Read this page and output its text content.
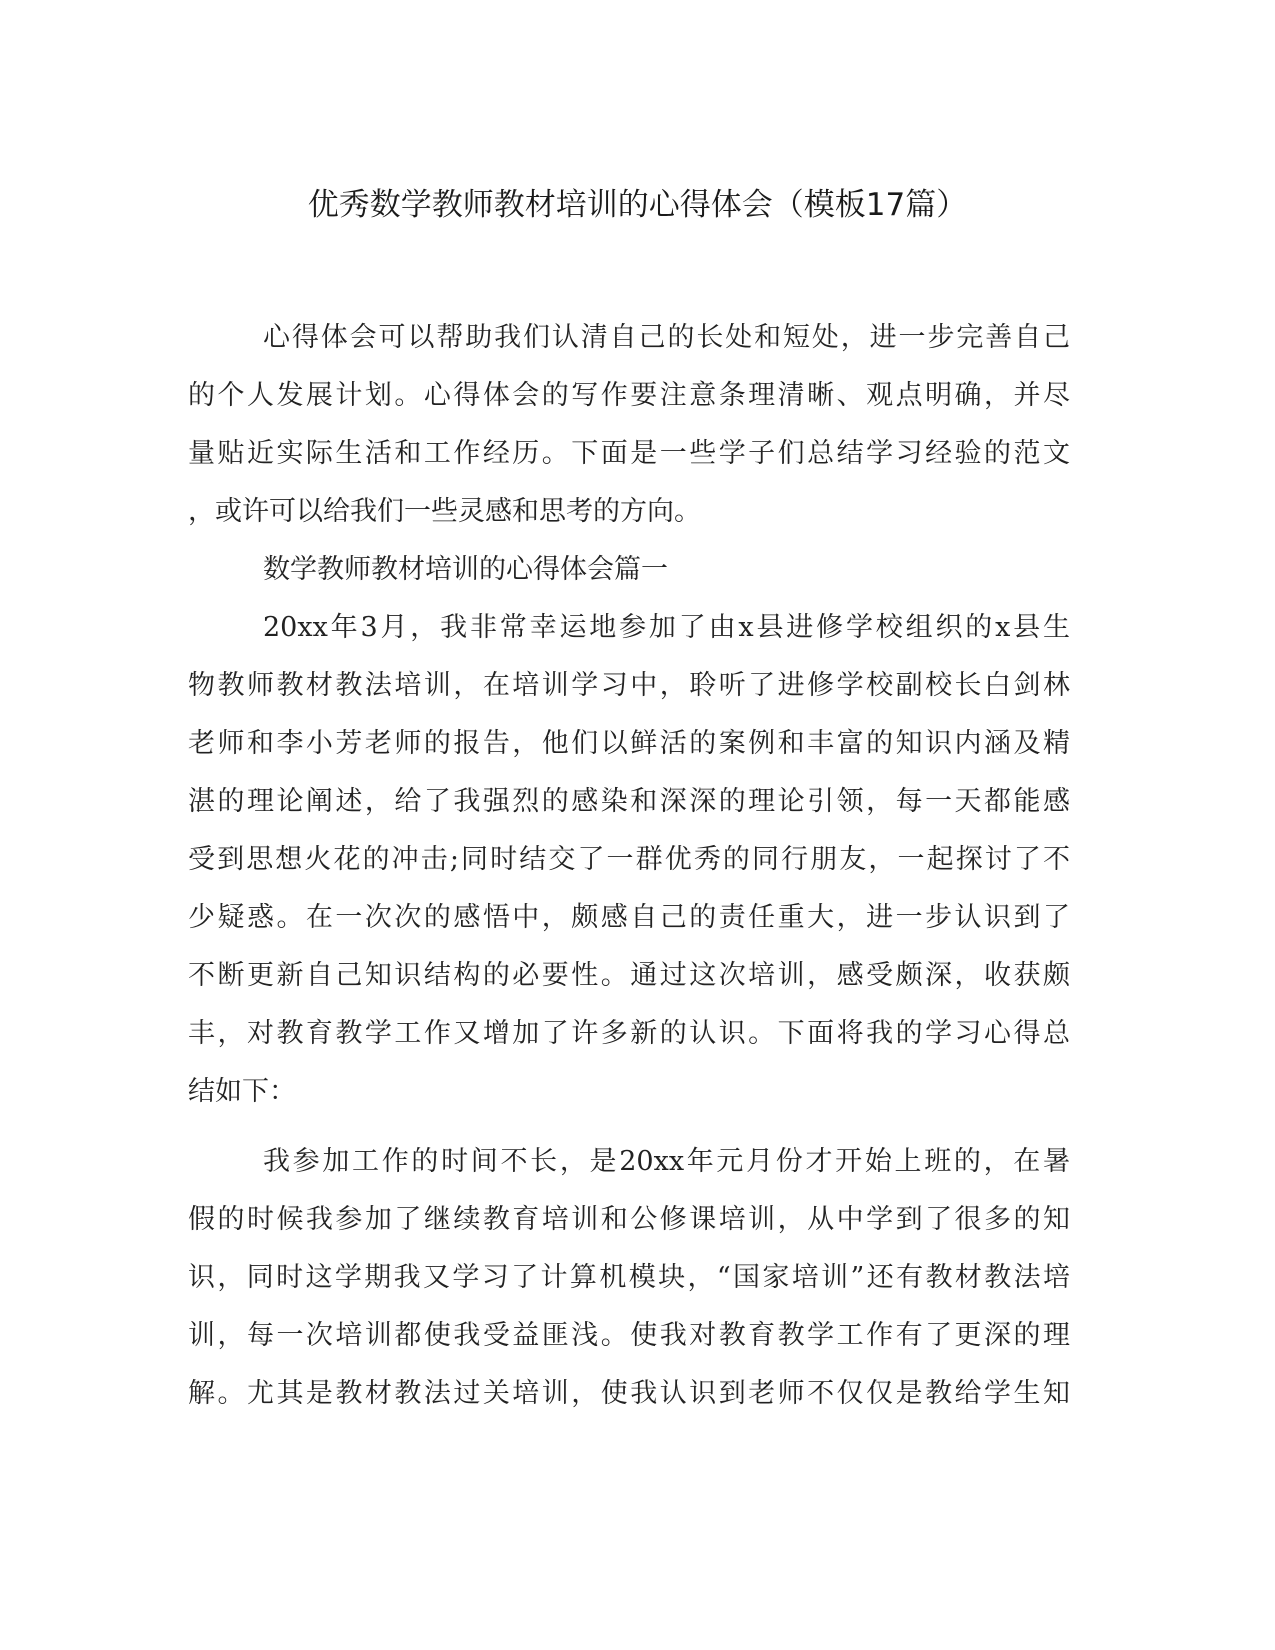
优秀数学教师教材培训的心得体会（模板17篇）
心得体会可以帮助我们认清自己的长处和短处，进一步完善自己
的个人发展计划。心得体会的写作要注意条理清晰、观点明确，并尽
量贴近实际生活和工作经历。下面是一些学子们总结学习经验的范文
，或许可以给我们一些灵感和思考的方向。
数学教师教材培训的心得体会篇一
20xx年3月，我非常幸运地参加了由x县进修学校组织的x县生
物教师教材教法培训，在培训学习中，聆听了进修学校副校长白剑林
老师和李小芳老师的报告，他们以鲜活的案例和丰富的知识内涵及精
湛的理论阐述，给了我强烈的感染和深深的理论引领，每一天都能感
受到思想火花的冲击;同时结交了一群优秀的同行朋友，一起探讨了不
少疑惑。在一次次的感悟中，颇感自己的责任重大，进一步认识到了
不断更新自己知识结构的必要性。通过这次培训，感受颇深，收获颇
丰，对教育教学工作又增加了许多新的认识。下面将我的学习心得总
结如下：
我参加工作的时间不长，是20xx年元月份才开始上班的，在暑
假的时候我参加了继续教育培训和公修课培训，从中学到了很多的知
识，同时这学期我又学习了计算机模块，“国家培训”还有教材教法培
训，每一次培训都使我受益匪浅。使我对教育教学工作有了更深的理
解。尤其是教材教法过关培训，使我认识到老师不仅仅是教给学生知
